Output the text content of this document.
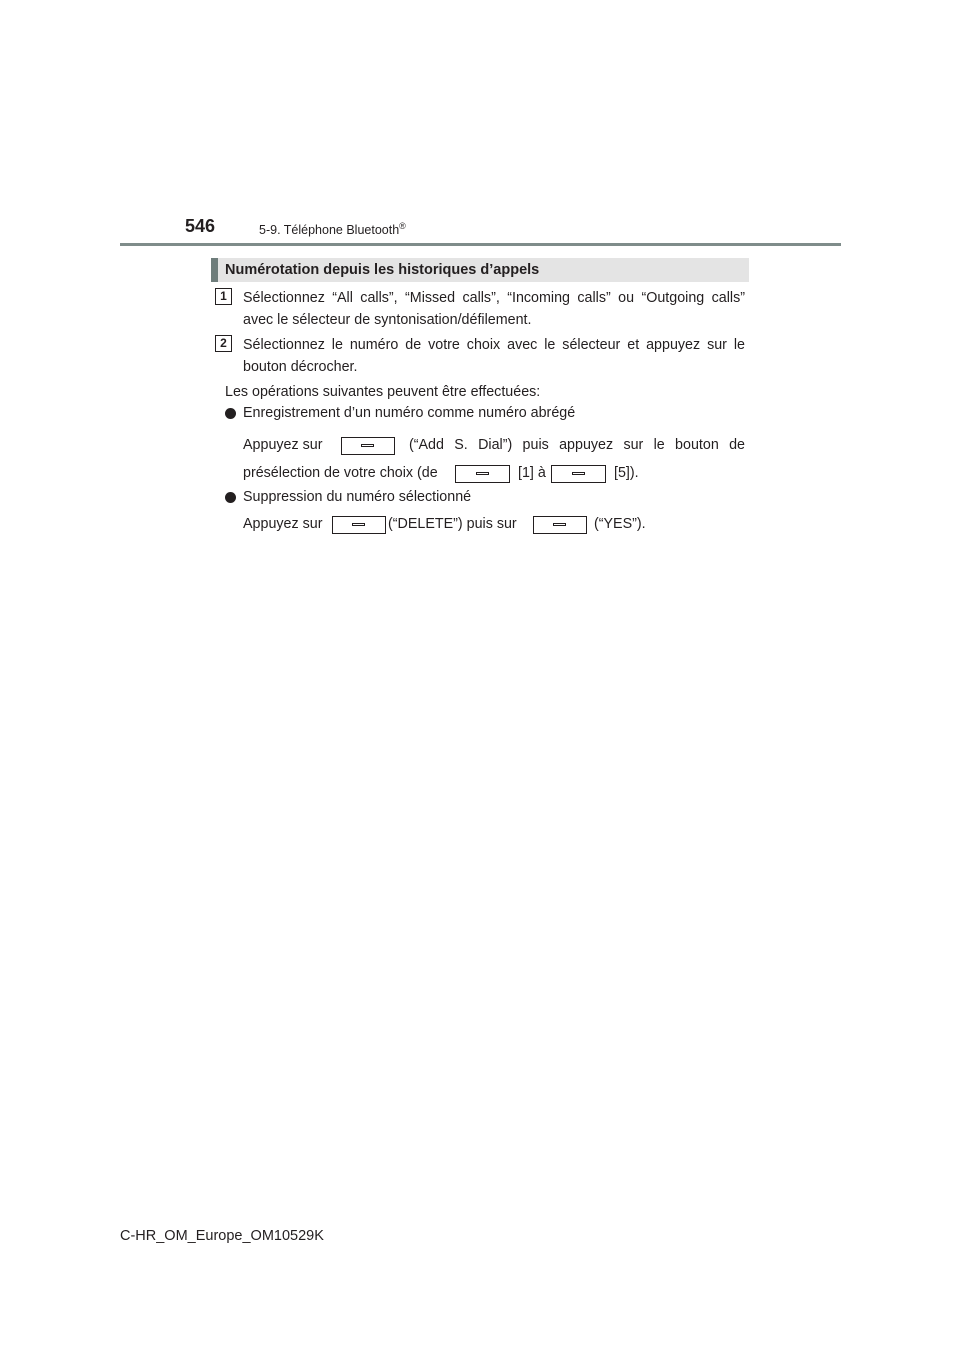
546	5-9. Téléphone Bluetooth®
Numérotation depuis les historiques d’appels
1	Sélectionnez “All calls”, “Missed calls”, “Incoming calls” ou “Outgoing calls”
avec le sélecteur de syntonisation/défilement.
2	Sélectionnez le numéro de votre choix avec le sélecteur et appuyez sur le
bouton décrocher.
Les opérations suivantes peuvent être effectuées:
Enregistrement d’un numéro comme numéro abrégé
Appuyez sur	(“Add S. Dial”) puis appuyez sur le bouton de
présélection de votre choix (de	[1] à	[5]).
Suppression du numéro sélectionné
Appuyez sur	(“DELETE”) puis sur	(“YES”).
C-HR_OM_Europe_OM10529K
